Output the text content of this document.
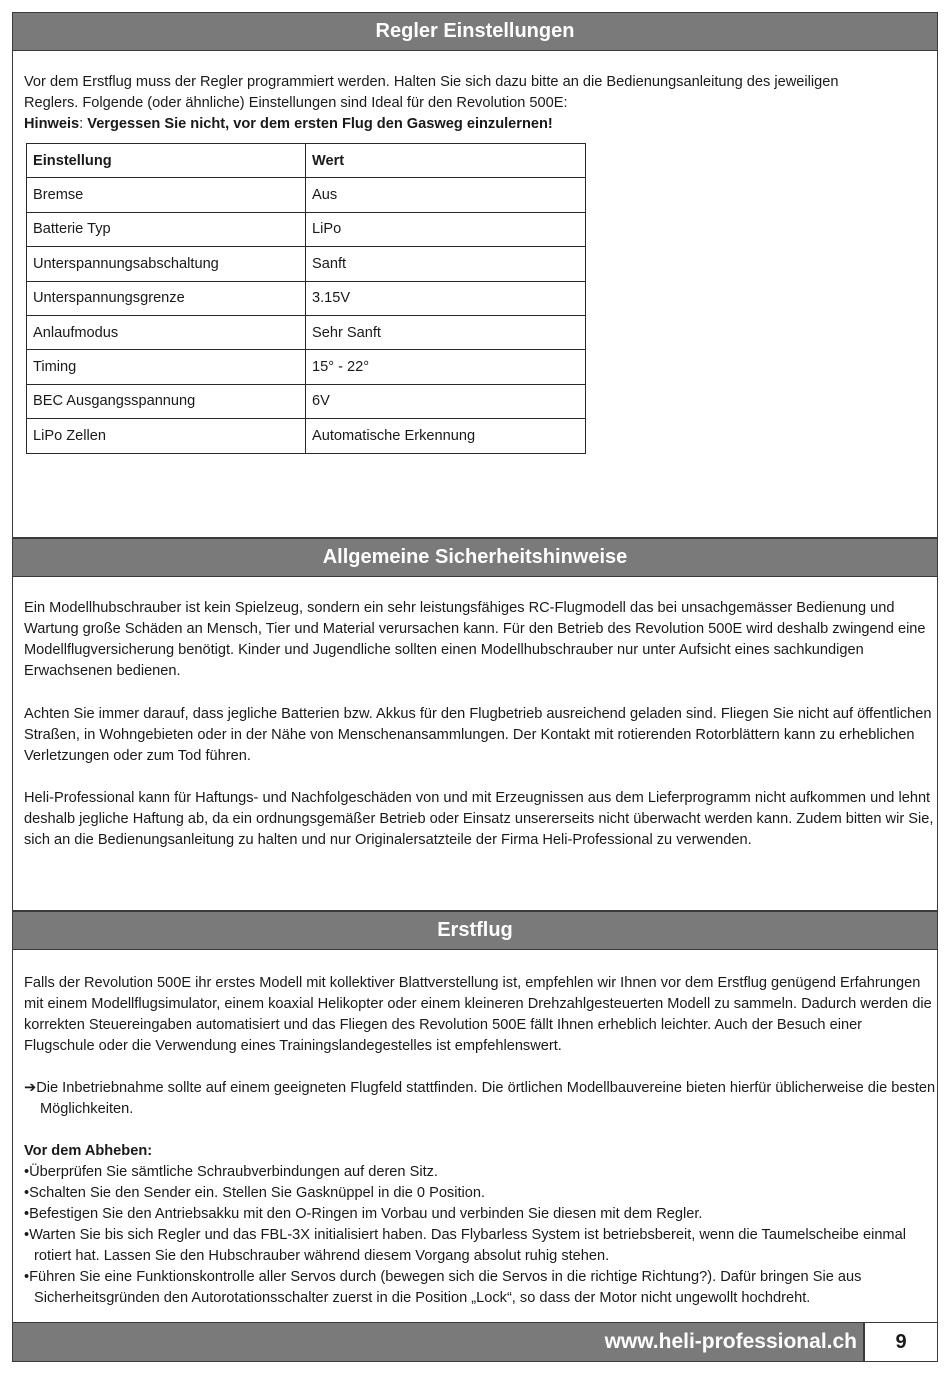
Regler Einstellungen

Vor dem Erstflug muss der Regler programmiert werden. Halten Sie sich dazu bitte an die Bedienungsanleitung des jeweiligen
Reglers. Folgende (oder ähnliche) Einstellungen sind Ideal für den Revolution 500E:
Hinweis: Vergessen Sie nicht, vor dem ersten Flug den Gasweg einzulernen!

Einstellung	Wert
Bremse	Aus
Batterie Typ	LiPo
Unterspannungsabschaltung	Sanft
Unterspannungsgrenze	3.15V
Anlaufmodus	Sehr Sanft
Timing	15° - 22°
BEC Ausgangsspannung	6V
LiPo Zellen	Automatische Erkennung
Allgemeine Sicherheitshinweise

Ein Modellhubschrauber ist kein Spielzeug, sondern ein sehr leistungsfähiges RC-Flugmodell das bei unsachgemässer Bedienung und Wartung große Schäden an Mensch, Tier und Material verursachen kann. Für den Betrieb des Revolution 500E wird deshalb zwingend eine Modellflugversicherung benötigt. Kinder und Jugendliche sollten einen Modellhubschrauber nur unter Aufsicht eines sachkundigen Erwachsenen bedienen.

Achten Sie immer darauf, dass jegliche Batterien bzw. Akkus für den Flugbetrieb ausreichend geladen sind. Fliegen Sie nicht auf öffentlichen Straßen, in Wohngebieten oder in der Nähe von Menschenansammlungen. Der Kontakt mit rotierenden Rotorblättern kann zu erheblichen Verletzungen oder zum Tod führen.

Heli-Professional kann für Haftungs- und Nachfolgeschäden von und mit Erzeugnissen aus dem Lieferprogramm nicht aufkommen und lehnt deshalb jegliche Haftung ab, da ein ordnungsgemäßer Betrieb oder Einsatz unsererseits nicht überwacht werden kann. Zudem bitten wir Sie, sich an die Bedienungsanleitung zu halten und nur Originalersatzteile der Firma Heli-Professional zu verwenden.

Erstflug

Falls der Revolution 500E ihr erstes Modell mit kollektiver Blattverstellung ist, empfehlen wir Ihnen vor dem Erstflug genügend Erfahrungen mit einem Modellflugsimulator, einem koaxial Helikopter oder einem kleineren Drehzahlgesteuerten Modell zu sammeln. Dadurch werden die korrekten Steuereingaben automatisiert und das Fliegen des Revolution 500E fällt Ihnen erheblich leichter. Auch der Besuch einer Flugschule oder die Verwendung eines Trainingslandegestelles ist empfehlenswert.

➔Die Inbetriebnahme sollte auf einem geeigneten Flugfeld stattfinden. Die örtlichen Modellbauvereine bieten hierfür üblicherweise die besten Möglichkeiten.

Vor dem Abheben:

•Überprüfen Sie sämtliche Schraubverbindungen auf deren Sitz.
•Schalten Sie den Sender ein. Stellen Sie Gasknüppel in die 0 Position.
•Befestigen Sie den Antriebsakku mit den O-Ringen im Vorbau und verbinden Sie diesen mit dem Regler.
•Warten Sie bis sich Regler und das FBL-3X initialisiert haben. Das Flybarless System ist betriebsbereit, wenn die Taumelscheibe einmal rotiert hat. Lassen Sie den Hubschrauber während diesem Vorgang absolut ruhig stehen.
•Führen Sie eine Funktionskontrolle aller Servos durch (bewegen sich die Servos in die richtige Richtung?). Dafür bringen Sie aus Sicherheitsgründen den Autorotationsschalter zuerst in die Position „Lock“, so dass der Motor nicht ungewollt hochdreht.
www.heli-professional.ch	9
